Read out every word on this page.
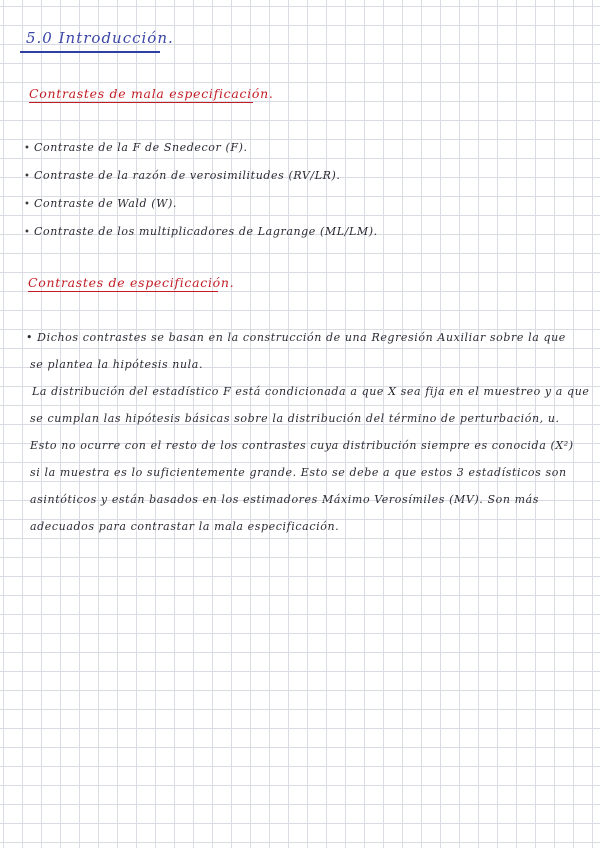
5.0 Introducción.
Contrastes de mala especificación.
• Contraste de la F de Snedecor (F).
• Contraste de la razón de verosimilitudes (RV/LR).
• Contraste de Wald (W).
• Contraste de los multiplicadores de Lagrange (ML/LM).
Contrastes de especificación.
• Dichos contrastes se basan en la construcción de una Regresión Auxiliar sobre la que
se plantea la hipótesis nula.
La distribución del estadístico F está condicionada a que X sea fija en el muestreo y a que
se cumplan las hipótesis básicas sobre la distribución del término de perturbación, u.
Esto no ocurre con el resto de los contrastes cuya distribución siempre es conocida (X²)
si la muestra es lo suficientemente grande. Esto se debe a que estos 3 estadísticos son
asintóticos y están basados en los estimadores Máximo Verosímiles (MV). Son más
adecuados para contrastar la mala especificación.
